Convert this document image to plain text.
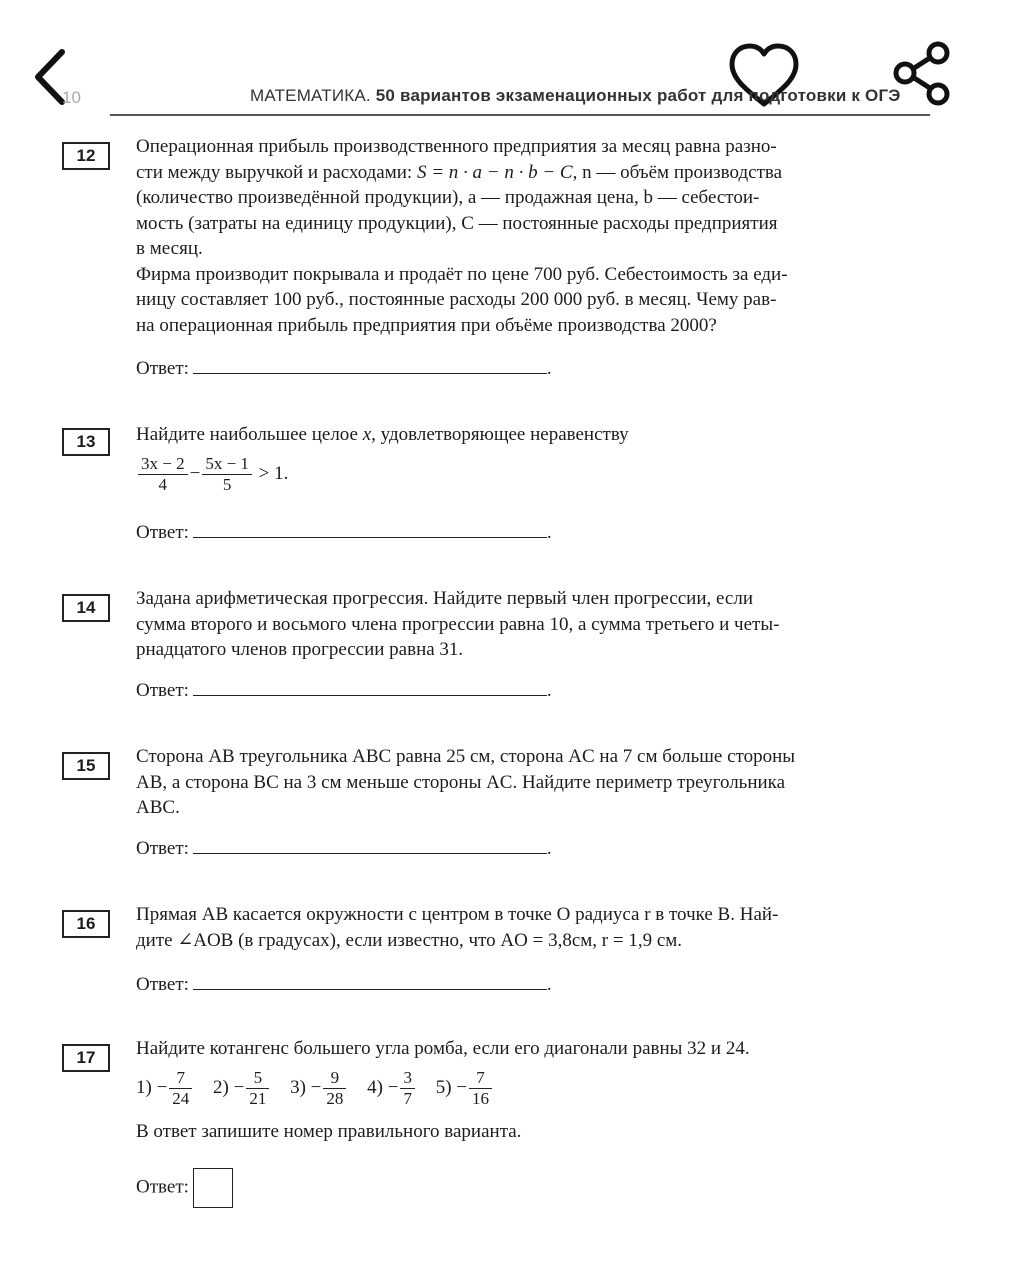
10	МАТЕМАТИКА. 50 вариантов экзаменационных работ для подготовки к ОГЭ
12	Операционная прибыль производственного предприятия за месяц равна разно-

сти между выручкой и расходами: S = n · a − n · b − C, n — объём производства

(количество произведённой продукции), a — продажная цена, b — себестои-

мость (затраты на единицу продукции), C — постоянные расходы предприятия

в месяц.

Фирма производит покрывала и продаёт по цене 700 руб. Себестоимость за еди-

ницу составляет 100 руб., постоянные расходы 200 000 руб. в месяц. Чему рав-

на операционная прибыль предприятия при объёме производства 2000?

Ответ:	.
13	Найдите наибольшее целое x, удовлетворяющее неравенству

$\frac{3x - 2}{4} - \frac{5x - 1}{5} > 1$.

Ответ:	.
14	Задана арифметическая прогрессия. Найдите первый член прогрессии, если

сумма второго и восьмого члена прогрессии равна 10, а сумма третьего и четы-

рнадцатого членов прогрессии равна 31.

Ответ:	.
15	Сторона AB треугольника ABC равна 25 см, сторона AC на 7 см больше стороны

AB, а сторона BC на 3 см меньше стороны AC. Найдите периметр треугольника

ABC.

Ответ:	.
16	Прямая AB касается окружности с центром в точке O радиуса r в точке B. Най-

дите ∠AOB (в градусах), если известно, что AO = 3,8см, r = 1,9 см.

Ответ:	.
17	Найдите котангенс большего угла ромба, если его диагонали равны 32 и 24.

$1) - \frac{7}{24} 2) - \frac{5}{21} 3) - \frac{9}{28} 4) - \frac{3}{7} 5) - \frac{7}{16}$

В ответ запишите номер правильного варианта.

Ответ:
